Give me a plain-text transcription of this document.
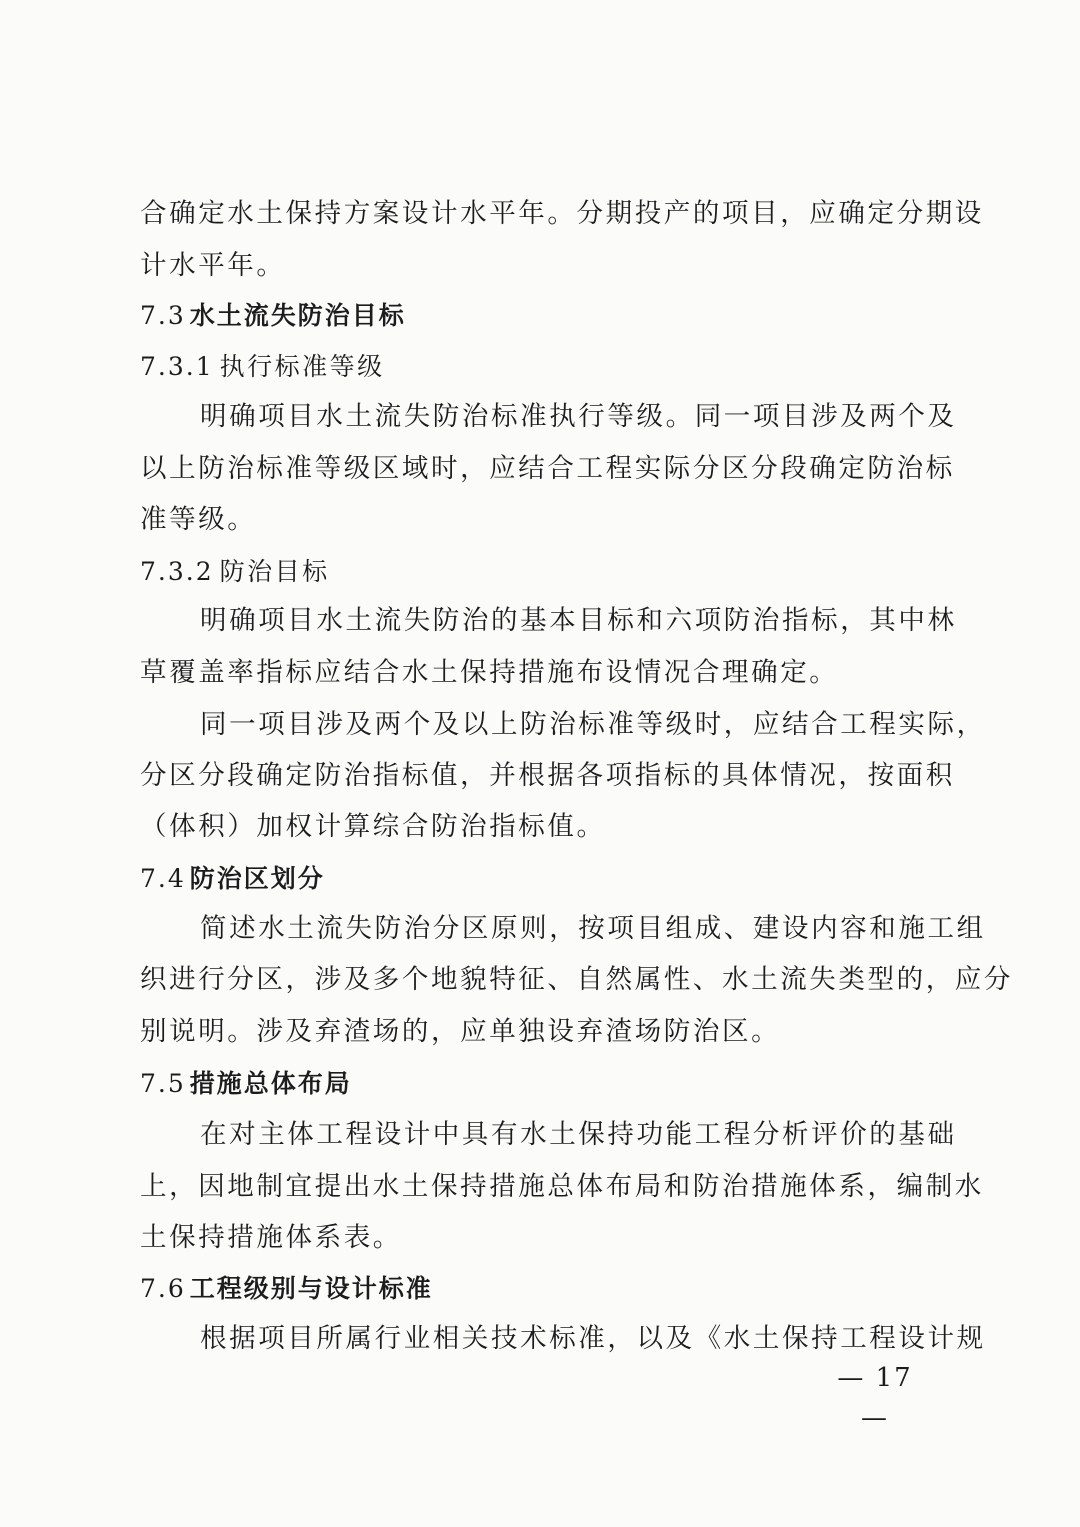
合确定水土保持方案设计水平年。分期投产的项目，应确定分期设
计水平年。
7.3 水土流失防治目标
7.3.1 执行标准等级
明确项目水土流失防治标准执行等级。同一项目涉及两个及
以上防治标准等级区域时，应结合工程实际分区分段确定防治标
准等级。
7.3.2 防治目标
明确项目水土流失防治的基本目标和六项防治指标，其中林
草覆盖率指标应结合水土保持措施布设情况合理确定。
同一项目涉及两个及以上防治标准等级时，应结合工程实际，
分区分段确定防治指标值，并根据各项指标的具体情况，按面积
（体积）加权计算综合防治指标值。
7.4 防治区划分
简述水土流失防治分区原则，按项目组成、建设内容和施工组
织进行分区，涉及多个地貌特征、自然属性、水土流失类型的，应分
别说明。涉及弃渣场的，应单独设弃渣场防治区。
7.5 措施总体布局
在对主体工程设计中具有水土保持功能工程分析评价的基础
上，因地制宜提出水土保持措施总体布局和防治措施体系，编制水
土保持措施体系表。
7.6 工程级别与设计标准
根据项目所属行业相关技术标准，以及《水土保持工程设计规
— 17 —
